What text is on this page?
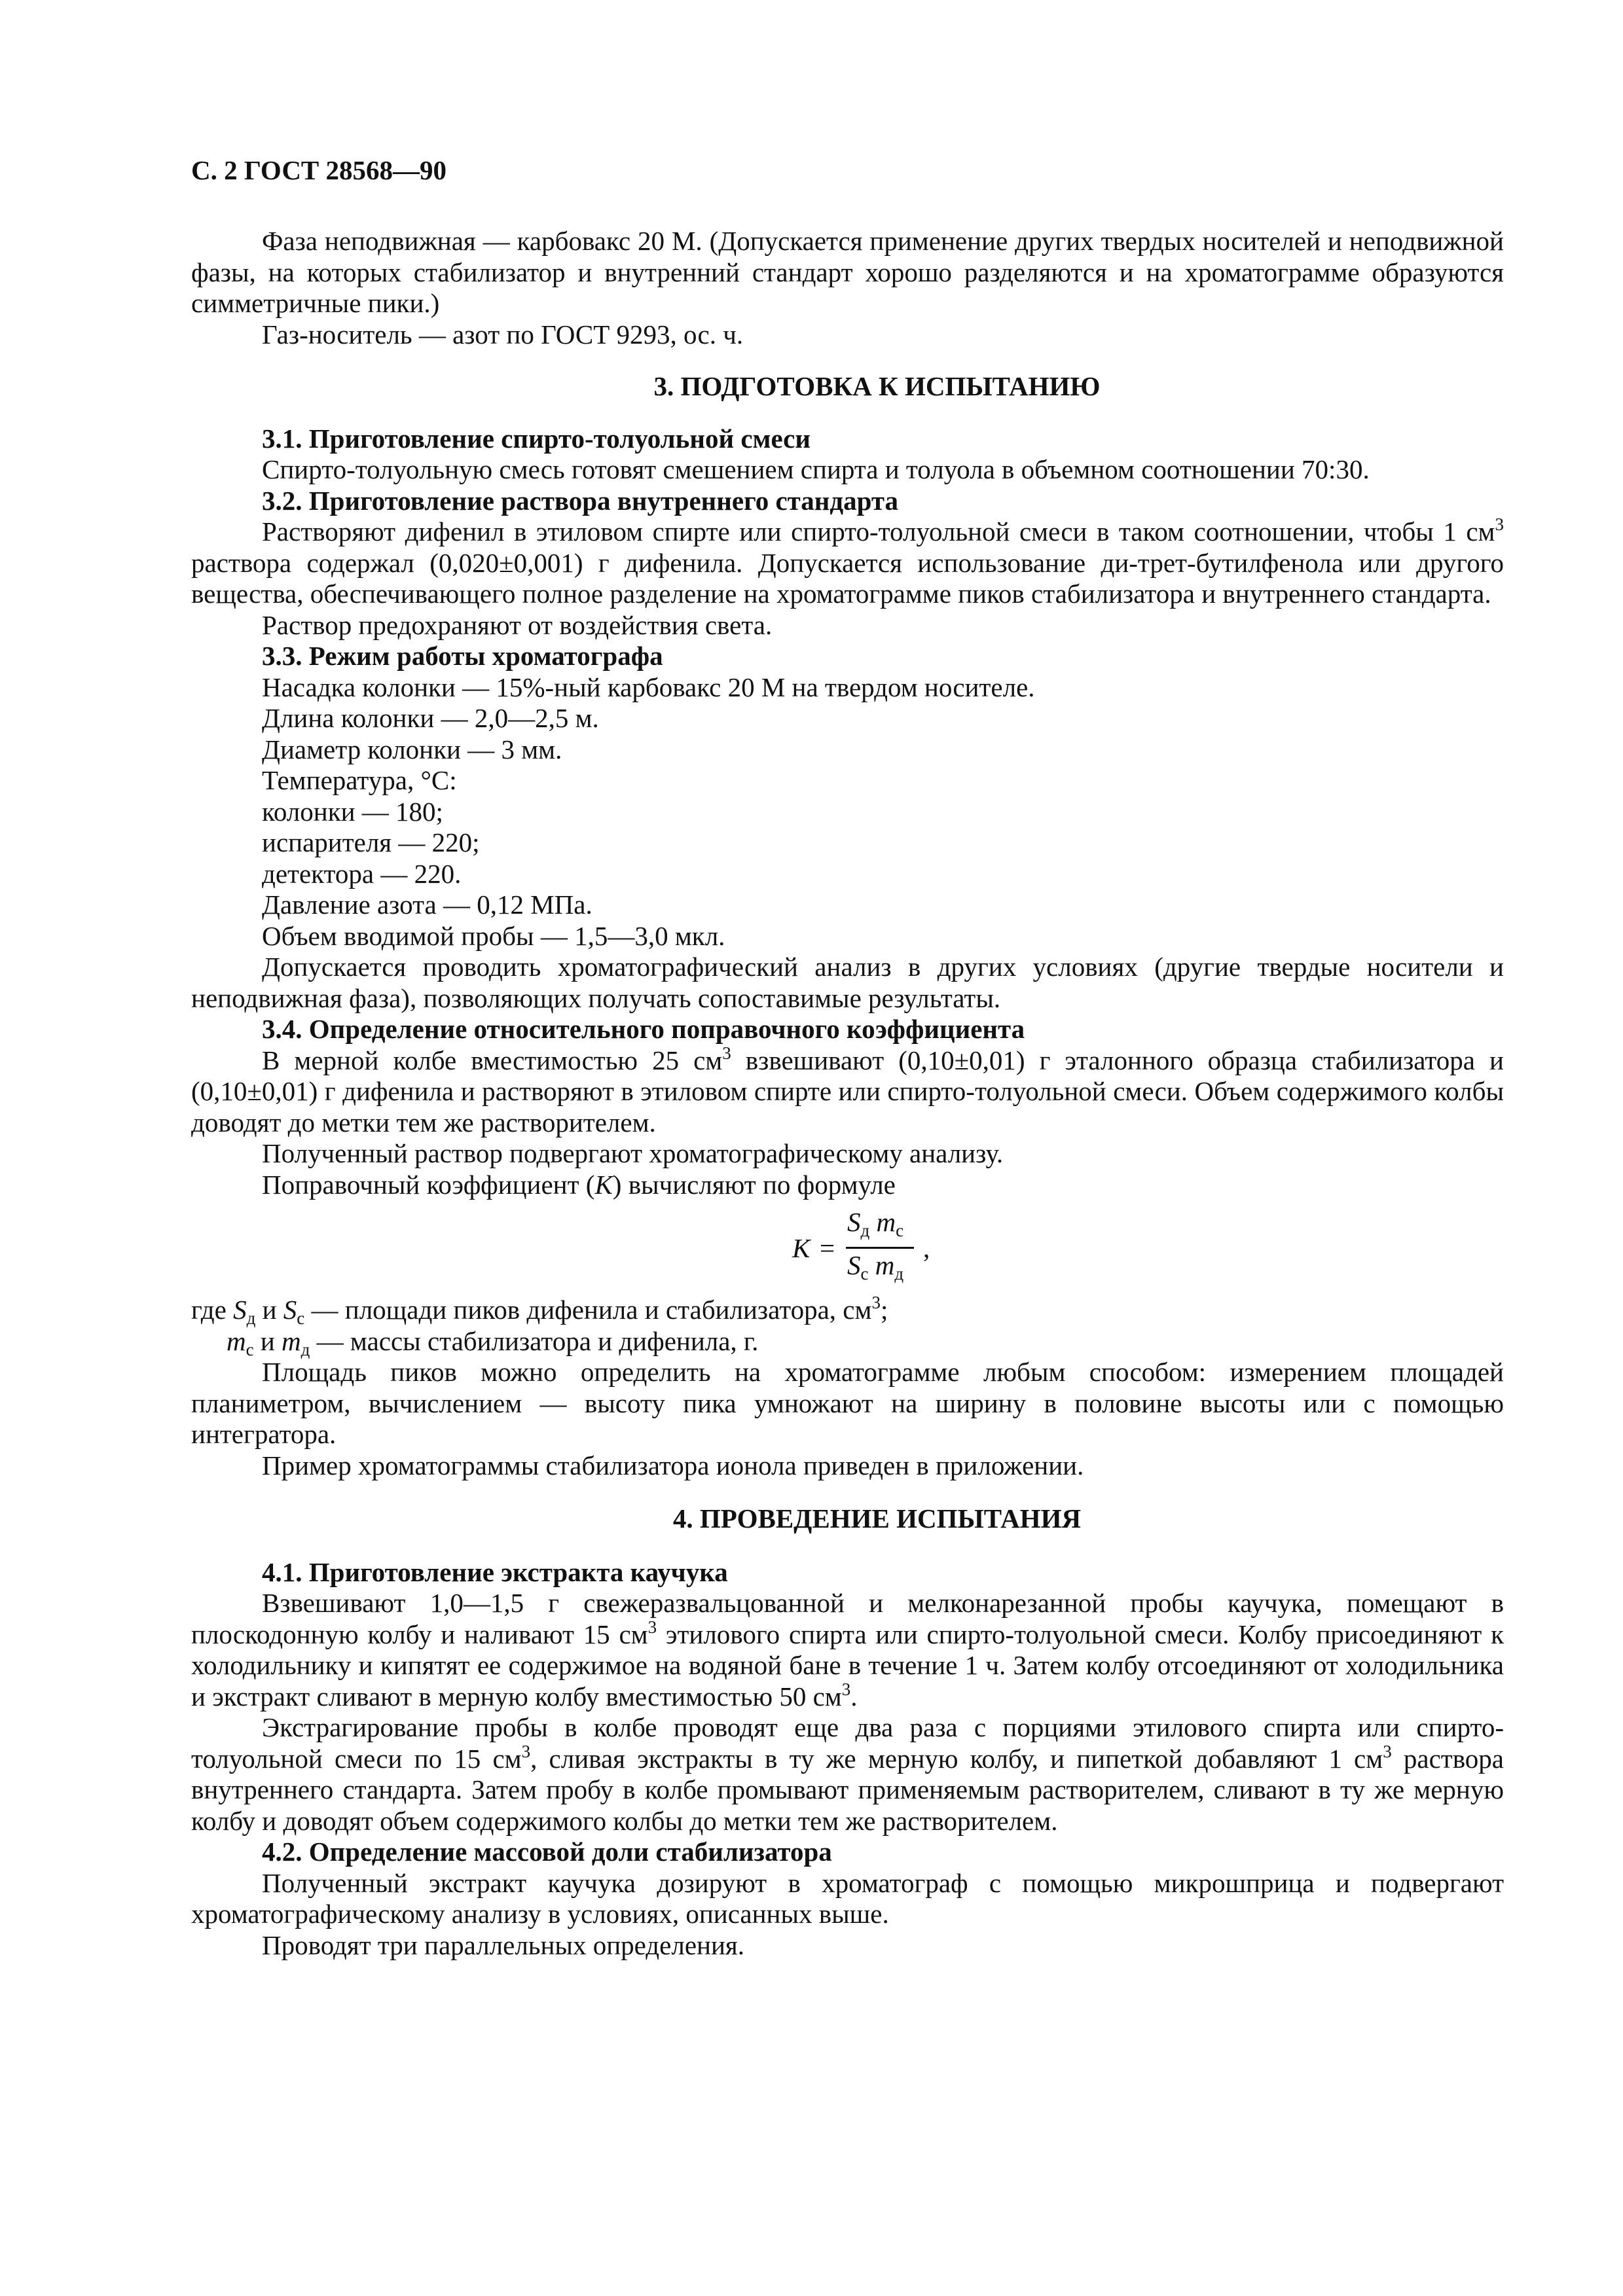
С. 2 ГОСТ 28568—90

Фаза неподвижная — карбовакс 20 М. (Допускается применение других твердых носителей и неподвижной фазы, на которых стабилизатор и внутренний стандарт хорошо разделяются и на хроматограмме образуются симметричные пики.)

Газ-носитель — азот по ГОСТ 9293, ос. ч.

3. ПОДГОТОВКА К ИСПЫТАНИЮ

3.1. Приготовление спирто-толуольной смеси

Спирто-толуольную смесь готовят смешением спирта и толуола в объемном соотношении 70:30.

3.2. Приготовление раствора внутреннего стандарта

Растворяют дифенил в этиловом спирте или спирто-толуольной смеси в таком соотношении, чтобы 1 $см^3$ раствора содержал (0,020±0,001) г дифенила. Допускается использование ди-трет-бутилфенола или другого вещества, обеспечивающего полное разделение на хроматограмме пиков стабилизатора и внутреннего стандарта.

Раствор предохраняют от воздействия света.

3.3. Режим работы хроматографа

Насадка колонки — 15%-ный карбовакс 20 М на твердом носителе.

Длина колонки — 2,0—2,5 м.

Диаметр колонки — 3 мм.

Температура, °С:

колонки — 180;

испарителя — 220;

детектора — 220.

Давление азота — 0,12 МПа.

Объем вводимой пробы — 1,5—3,0 мкл.

Допускается проводить хроматографический анализ в других условиях (другие твердые носители и неподвижная фаза), позволяющих получать сопоставимые результаты.

3.4. Определение относительного поправочного коэффициента

В мерной колбе вместимостью 25 $см^3$ взвешивают (0,10±0,01) г эталонного образца стабилизатора и (0,10±0,01) г дифенила и растворяют в этиловом спирте или спирто-толуольной смеси. Объем содержимого колбы доводят до метки тем же растворителем.

Полученный раствор подвергают хроматографическому анализу.

Поправочный коэффициент (K) вычисляют по формуле

K =
Sд mс
Sс mд
,

где Sд и Sс — площади пиков дифенила и стабилизатора, $см^3$;

mс и mд — массы стабилизатора и дифенила, г.

Площадь пиков можно определить на хроматограмме любым способом: измерением площадей планиметром, вычислением — высоту пика умножают на ширину в половине высоты или с помощью интегратора.

Пример хроматограммы стабилизатора ионола приведен в приложении.

4. ПРОВЕДЕНИЕ ИСПЫТАНИЯ

4.1. Приготовление экстракта каучука

Взвешивают 1,0—1,5 г свежеразвальцованной и мелконарезанной пробы каучука, помещают в плоскодонную колбу и наливают 15 $см^3$ этилового спирта или спирто-толуольной смеси. Колбу присоединяют к холодильнику и кипятят ее содержимое на водяной бане в течение 1 ч. Затем колбу отсоединяют от холодильника и экстракт сливают в мерную колбу вместимостью 50 $см^3$.

Экстрагирование пробы в колбе проводят еще два раза с порциями этилового спирта или спирто-толуольной смеси по 15 $см^3$, сливая экстракты в ту же мерную колбу, и пипеткой добавляют 1 $см^3$ раствора внутреннего стандарта. Затем пробу в колбе промывают применяемым растворителем, сливают в ту же мерную колбу и доводят объем содержимого колбы до метки тем же растворителем.

4.2. Определение массовой доли стабилизатора

Полученный экстракт каучука дозируют в хроматограф с помощью микрошприца и подвергают хроматографическому анализу в условиях, описанных выше.

Проводят три параллельных определения.
